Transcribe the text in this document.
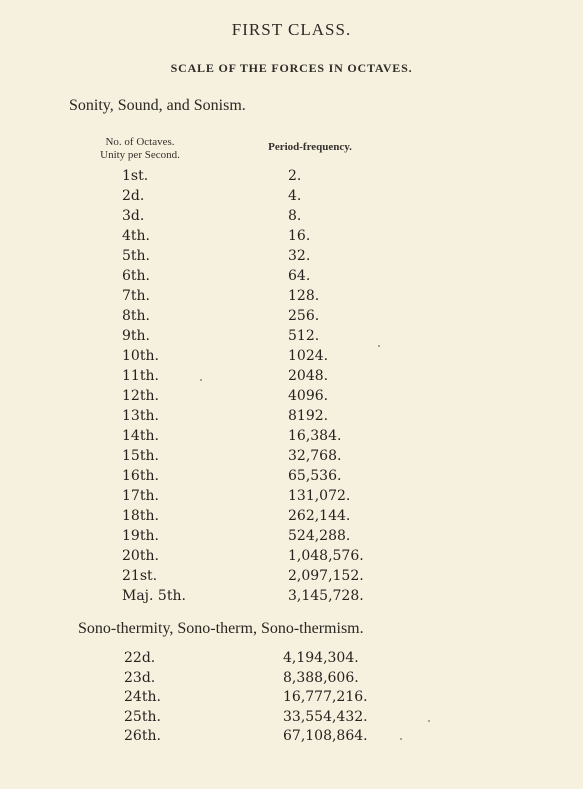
FIRST CLASS.
SCALE OF THE FORCES IN OCTAVES.
Sonity, Sound, and Sonism.
No. of Octaves.
Unity per Second.
Period-frequency.
1st.	2.
2d.	4.
3d.	8.
4th.	16.
5th.	32.
6th.	64.
7th.	128.
8th.	256.
9th.	512.
10th.	1024.
11th.	2048.
12th.	4096.
13th.	8192.
14th.	16,384.
15th.	32,768.
16th.	65,536.
17th.	131,072.
18th.	262,144.
19th.	524,288.
20th.	1,048,576.
21st.	2,097,152.
Maj. 5th.	3,145,728.
Sono-thermity, Sono-therm, Sono-thermism.
22d.	4,194,304.
23d.	8,388,606.
24th.	16,777,216.
25th.	33,554,432.
26th.	67,108,864.
